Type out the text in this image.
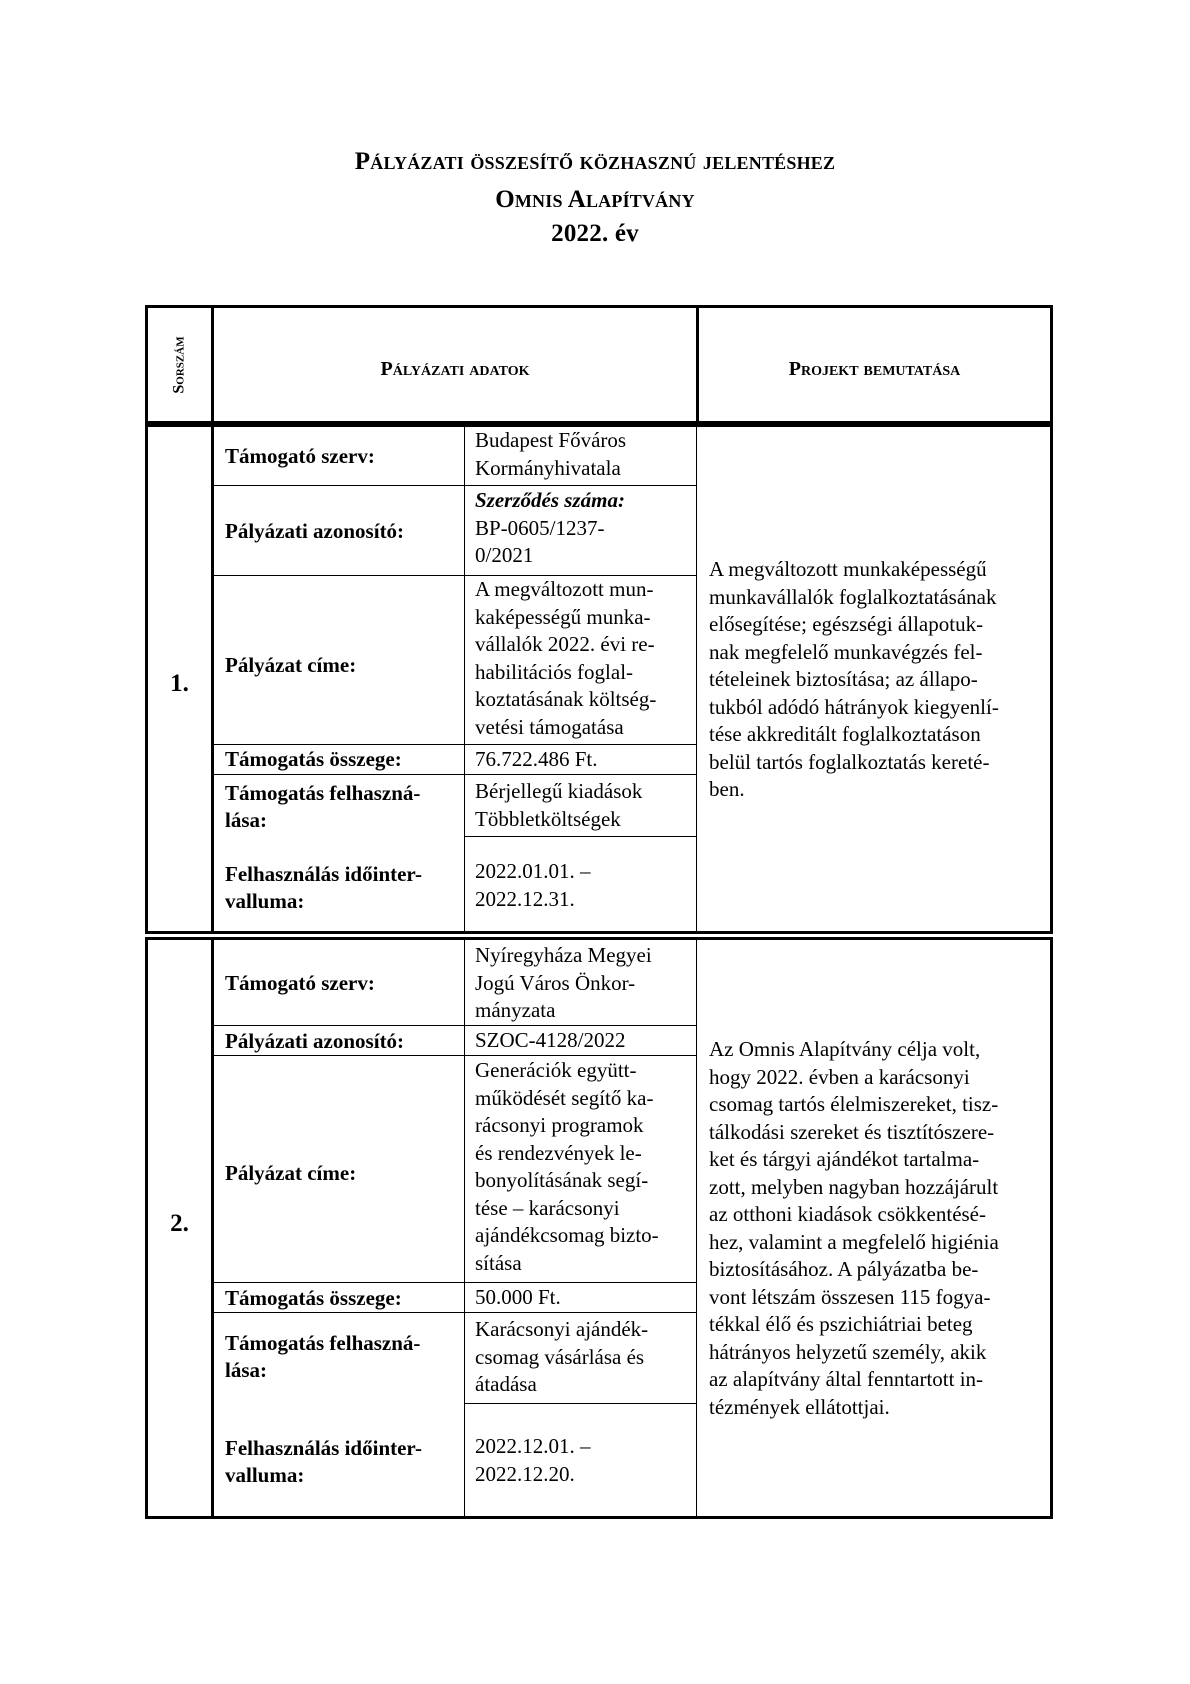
Pályázati összesítő közhasznú jelentéshez
Omnis Alapítvány
2022. év
Sorszám	Pályázati adatok	Projekt bemutatása
1.
Támogató szerv:
Pályázati azonosító:
Pályázat címe:
Támogatás összege:
Támogatás felhaszná-
lása:
Felhasználás időinter-
valluma:
Budapest Főváros
Kormányhivatala
Szerződés száma:
BP-0605/1237-
0/2021
A megváltozott mun-
kaképességű munka-
vállalók 2022. évi re-
habilitációs foglal-
koztatásának költség-
vetési támogatása
76.722.486 Ft.
Bérjellegű kiadások
Többletköltségek
2022.01.01. –
2022.12.31.
A megváltozott munkaképességű
munkavállalók foglalkoztatásának
elősegítése; egészségi állapotuk-
nak megfelelő munkavégzés fel-
tételeinek biztosítása; az állapo-
tukból adódó hátrányok kiegyenlí-
tése akkreditált foglalkoztatáson
belül tartós foglalkoztatás kereté-
ben.
2.
Támogató szerv:
Pályázati azonosító:
Pályázat címe:
Támogatás összege:
Támogatás felhaszná-
lása:
Felhasználás időinter-
valluma:
Nyíregyháza Megyei
Jogú Város Önkor-
mányzata
SZOC-4128/2022
Generációk együtt-
működését segítő ka-
rácsonyi programok
és rendezvények le-
bonyolításának segí-
tése – karácsonyi
ajándékcsomag bizto-
sítása
50.000 Ft.
Karácsonyi ajándék-
csomag vásárlása és
átadása
2022.12.01. –
2022.12.20.
Az Omnis Alapítvány célja volt,
hogy 2022. évben a karácsonyi
csomag tartós élelmiszereket, tisz-
tálkodási szereket és tisztítószere-
ket és tárgyi ajándékot tartalma-
zott, melyben nagyban hozzájárult
az otthoni kiadások csökkentésé-
hez, valamint a megfelelő higiénia
biztosításához. A pályázatba be-
vont létszám összesen 115 fogya-
tékkal élő és pszichiátriai beteg
hátrányos helyzetű személy, akik
az alapítvány által fenntartott in-
tézmények ellátottjai.
